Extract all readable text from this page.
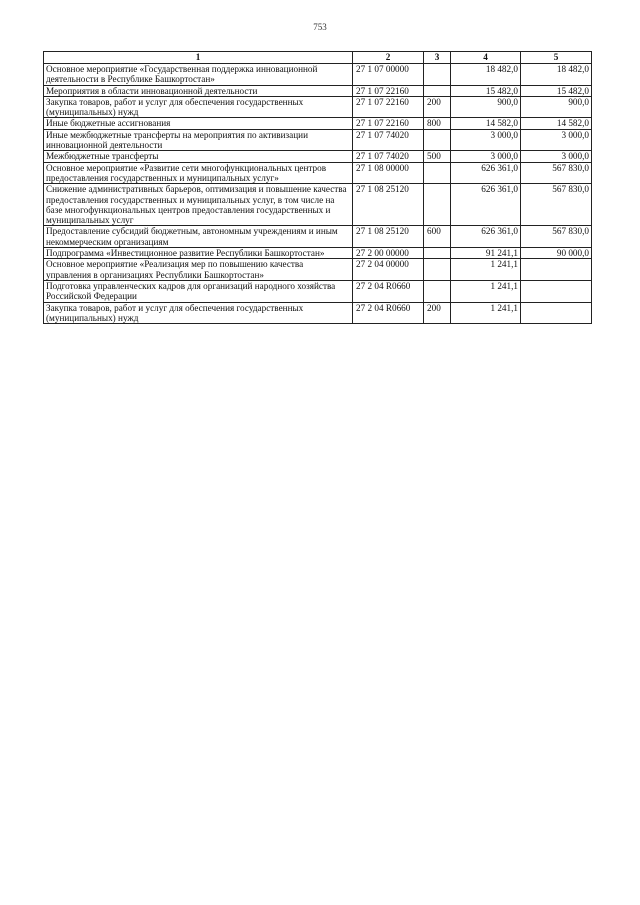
753
1	2	3	4	5
Основное мероприятие «Государственная поддержка инновационной деятельности в Республике Башкортостан»	27 1 07 00000		18 482,0	18 482,0
Мероприятия в области инновационной деятельности	27 1 07 22160		15 482,0	15 482,0
Закупка товаров, работ и услуг для обеспечения государственных (муниципальных) нужд	27 1 07 22160	200	900,0	900,0
Иные бюджетные ассигнования	27 1 07 22160	800	14 582,0	14 582,0
Иные межбюджетные трансферты на мероприятия по активизации инновационной деятельности	27 1 07 74020		3 000,0	3 000,0
Межбюджетные трансферты	27 1 07 74020	500	3 000,0	3 000,0
Основное мероприятие «Развитие сети многофункциональных центров предоставления государственных и муниципальных услуг»	27 1 08 00000		626 361,0	567 830,0
Снижение административных барьеров, оптимизация и повышение качества предоставления государственных и муниципальных услуг, в том числе на базе многофункциональных центров предоставления государственных и муниципальных услуг	27 1 08 25120		626 361,0	567 830,0
Предоставление субсидий бюджетным, автономным учреждениям и иным некоммерческим организациям	27 1 08 25120	600	626 361,0	567 830,0
Подпрограмма «Инвестиционное развитие Республики Башкортостан»	27 2 00 00000		91 241,1	90 000,0
Основное мероприятие «Реализация мер по повышению качества управления в организациях Республики Башкортостан»	27 2 04 00000		1 241,1	
Подготовка управленческих кадров для организаций народного хозяйства Российской Федерации	27 2 04 R0660		1 241,1	
Закупка товаров, работ и услуг для обеспечения государственных (муниципальных) нужд	27 2 04 R0660	200	1 241,1	
